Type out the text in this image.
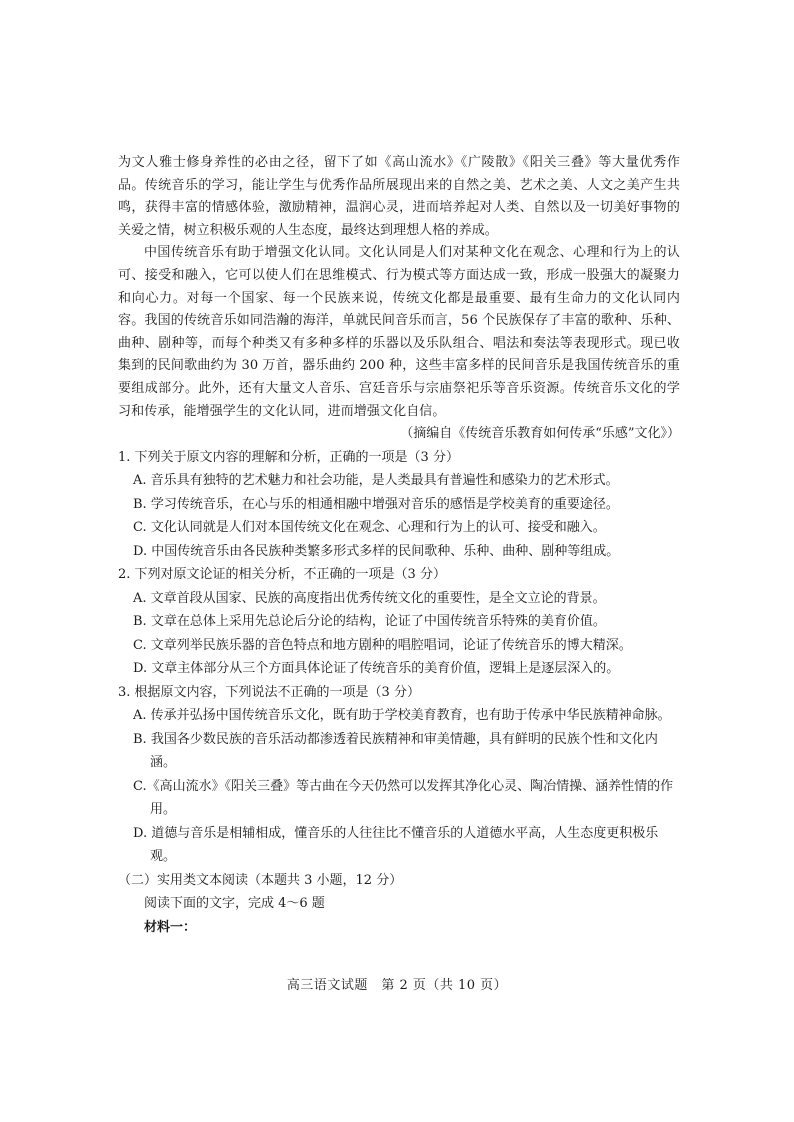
为文人雅士修身养性的必由之径，留下了如《高山流水》《广陵散》《阳关三叠》等大量优秀作品。传统音乐的学习，能让学生与优秀作品所展现出来的自然之美、艺术之美、人文之美产生共鸣，获得丰富的情感体验，激励精神，温润心灵，进而培养起对人类、自然以及一切美好事物的关爱之情，树立积极乐观的人生态度，最终达到理想人格的养成。

中国传统音乐有助于增强文化认同。文化认同是人们对某种文化在观念、心理和行为上的认可、接受和融入，它可以使人们在思维模式、行为模式等方面达成一致，形成一股强大的凝聚力和向心力。对每一个国家、每一个民族来说，传统文化都是最重要、最有生命力的文化认同内容。我国的传统音乐如同浩瀚的海洋，单就民间音乐而言，56 个民族保存了丰富的歌种、乐种、曲种、剧种等，而每个种类又有多种多样的乐器以及乐队组合、唱法和奏法等表现形式。现已收集到的民间歌曲约为 30 万首，器乐曲约 200 种，这些丰富多样的民间音乐是我国传统音乐的重要组成部分。此外，还有大量文人音乐、宫廷音乐与宗庙祭祀乐等音乐资源。传统音乐文化的学习和传承，能增强学生的文化认同，进而增强文化自信。

（摘编自《传统音乐教育如何传承“乐感”文化》）

1. 下列关于原文内容的理解和分析，正确的一项是（3 分）

A. 音乐具有独特的艺术魅力和社会功能，是人类最具有普遍性和感染力的艺术形式。

B. 学习传统音乐，在心与乐的相通相融中增强对音乐的感悟是学校美育的重要途径。

C. 文化认同就是人们对本国传统文化在观念、心理和行为上的认可、接受和融入。

D. 中国传统音乐由各民族种类繁多形式多样的民间歌种、乐种、曲种、剧种等组成。

2. 下列对原文论证的相关分析，不正确的一项是（3 分）

A. 文章首段从国家、民族的高度指出优秀传统文化的重要性，是全文立论的背景。

B. 文章在总体上采用先总论后分论的结构，论证了中国传统音乐特殊的美育价值。

C. 文章列举民族乐器的音色特点和地方剧种的唱腔唱词，论证了传统音乐的博大精深。

D. 文章主体部分从三个方面具体论证了传统音乐的美育价值，逻辑上是逐层深入的。

3. 根据原文内容，下列说法不正确的一项是（3 分）

A. 传承并弘扬中国传统音乐文化，既有助于学校美育教育，也有助于传承中华民族精神命脉。

B. 我国各少数民族的音乐活动都渗透着民族精神和审美情趣，具有鲜明的民族个性和文化内涵。

C.《高山流水》《阳关三叠》等古曲在今天仍然可以发挥其净化心灵、陶冶情操、涵养性情的作用。

D. 道德与音乐是相辅相成，懂音乐的人往往比不懂音乐的人道德水平高，人生态度更积极乐观。

（二）实用类文本阅读（本题共 3 小题，12 分）

阅读下面的文字，完成 4～6 题

材料一：

高三语文试题　第 2 页（共 10 页）
